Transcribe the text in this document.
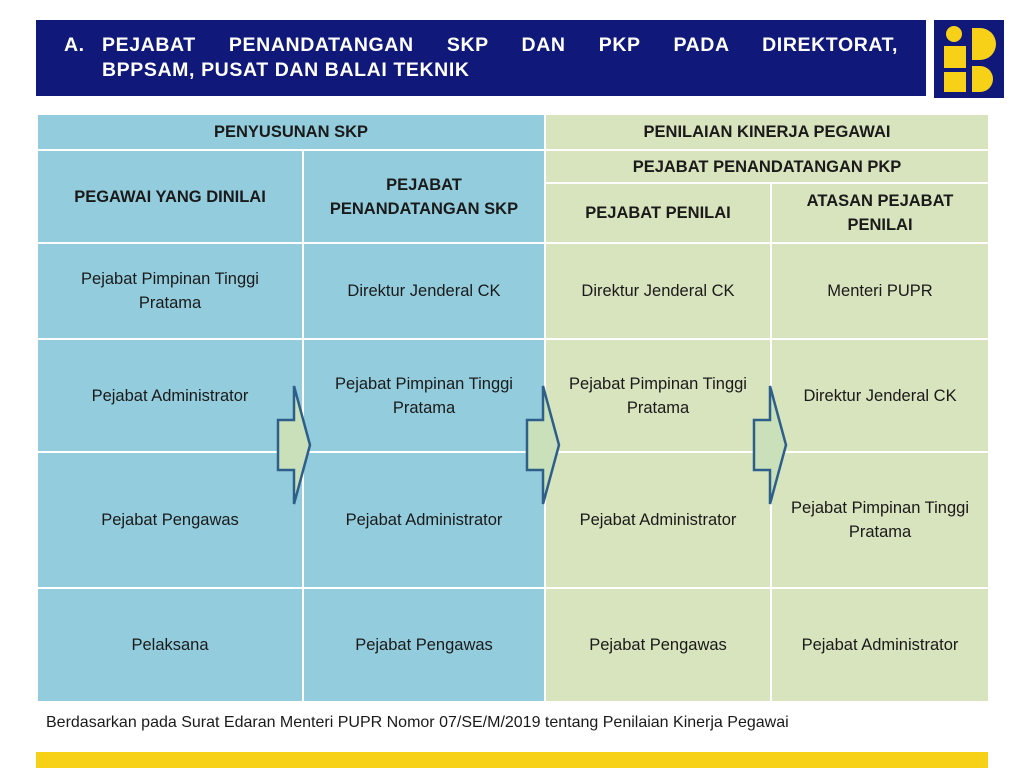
A. PEJABAT PENANDATANGAN SKP DAN PKP PADA DIREKTORAT,
BPPSAM, PUSAT DAN BALAI TEKNIK
PENYUSUNAN SKP		PENILAIAN KINERJA PEGAWAI	
PEGAWAI YANG DINILAI	PEJABAT PENANDATANGAN SKP	PEJABAT PENANDATANGAN PKP	
		PEJABAT PENILAI	ATASAN PEJABAT PENILAI
Pejabat Pimpinan Tinggi Pratama	Direktur Jenderal CK	Direktur Jenderal CK	Menteri PUPR
Pejabat Administrator	Pejabat Pimpinan Tinggi Pratama	Pejabat Pimpinan Tinggi Pratama	Direktur Jenderal CK
Pejabat Pengawas	Pejabat Administrator	Pejabat Administrator	Pejabat Pimpinan Tinggi Pratama
Pelaksana	Pejabat Pengawas	Pejabat Pengawas	Pejabat Administrator
Berdasarkan pada Surat Edaran Menteri PUPR Nomor 07/SE/M/2019 tentang Penilaian Kinerja Pegawai
